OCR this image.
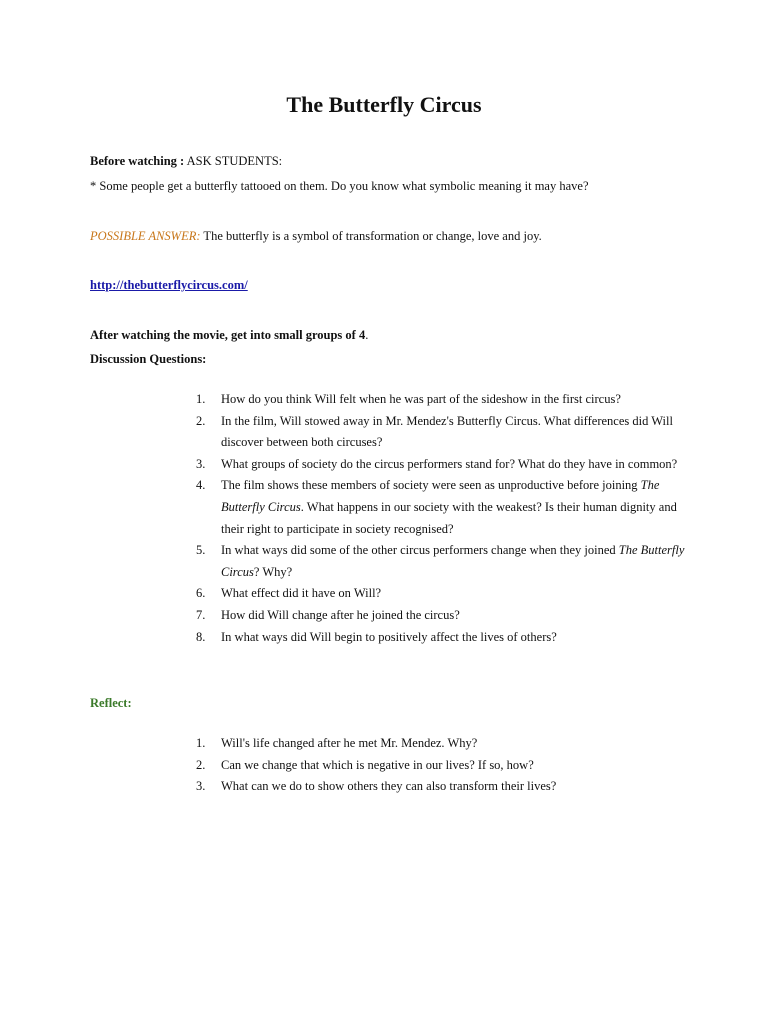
The Butterfly Circus

Before watching : ASK STUDENTS:

* Some people get a butterfly tattooed on them. Do you know what symbolic meaning it may have?

POSSIBLE ANSWER: The butterfly is a symbol of transformation or change, love and joy.

http://thebutterflycircus.com/

After watching the movie, get into small groups of 4.

Discussion Questions:

1. How do you think Will felt when he was part of the sideshow in the first circus?
2. In the film, Will stowed away in Mr. Mendez's Butterfly Circus. What differences did Will discover between both circuses?
3. What groups of society do the circus performers stand for? What do they have in common?
4. The film shows these members of society were seen as unproductive before joining The Butterfly Circus. What happens in our society with the weakest? Is their human dignity and their right to participate in society recognised?
5. In what ways did some of the other circus performers change when they joined The Butterfly Circus? Why?
6. What effect did it have on Will?
7. How did Will change after he joined the circus?
8. In what ways did Will begin to positively affect the lives of others?

Reflect:

1. Will's life changed after he met Mr. Mendez. Why?
2. Can we change that which is negative in our lives? If so, how?
3. What can we do to show others they can also transform their lives?
